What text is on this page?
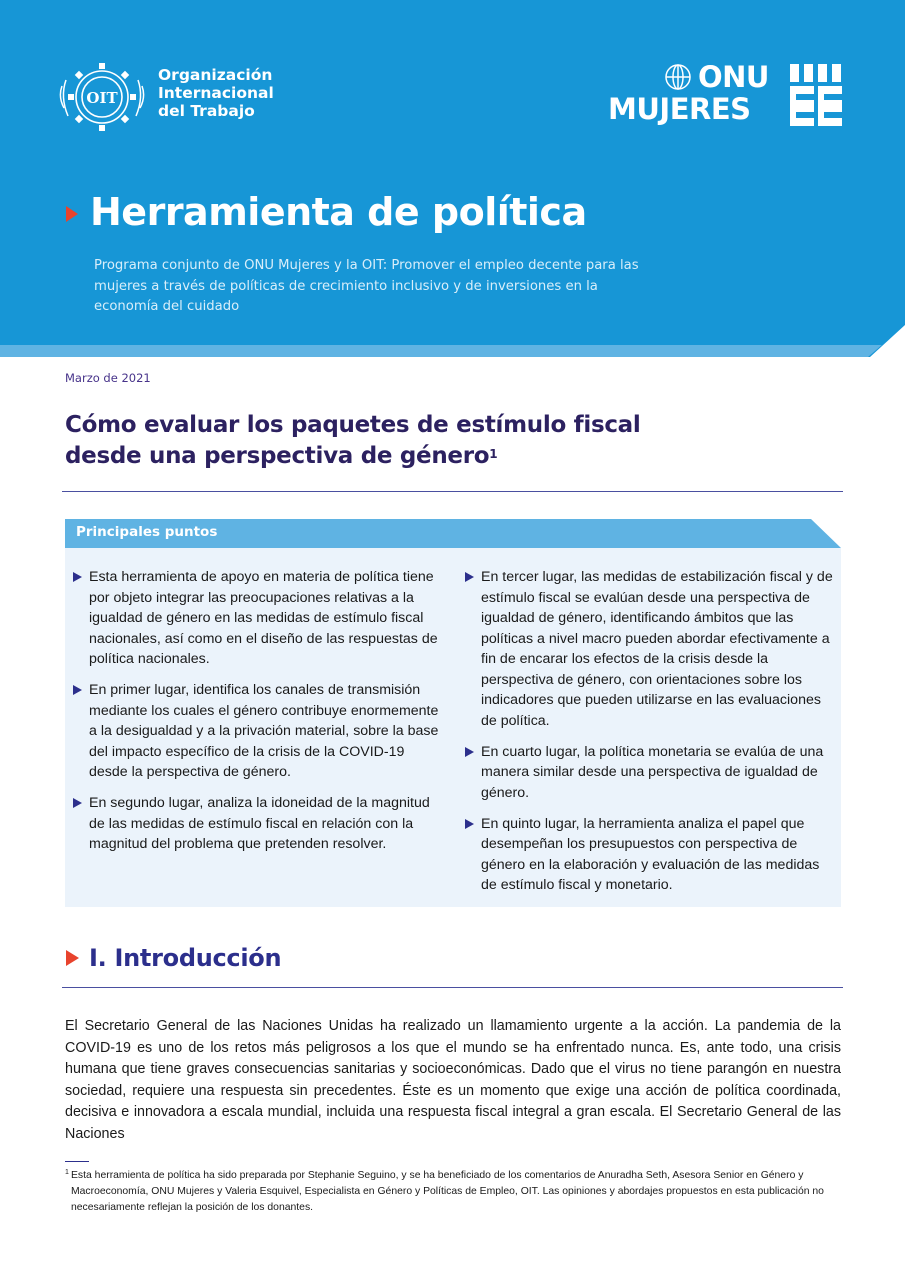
OIT
Organización
Internacional
del Trabajo
ONU
MUJERES
Herramienta de política

Programa conjunto de ONU Mujeres y la OIT: Promover el empleo decente para las mujeres a través de políticas de crecimiento inclusivo y de inversiones en la economía del cuidado

Marzo de 2021
Cómo evaluar los paquetes de estímulo fiscal desde una perspectiva de género$^1$
Principales puntos
Esta herramienta de apoyo en materia de política tiene por objeto integrar las preocupaciones relativas a la igualdad de género en las medidas de estímulo fiscal nacionales, así como en el diseño de las respuestas de política nacionales.
En primer lugar, identifica los canales de transmisión mediante los cuales el género contribuye enormemente a la desigualdad y a la privación material, sobre la base del impacto específico de la crisis de la COVID-19 desde la perspectiva de género.
En segundo lugar, analiza la idoneidad de la magnitud de las medidas de estímulo fiscal en relación con la magnitud del problema que pretenden resolver.
En tercer lugar, las medidas de estabilización fiscal y de estímulo fiscal se evalúan desde una perspectiva de igualdad de género, identificando ámbitos que las políticas a nivel macro pueden abordar efectivamente a fin de encarar los efectos de la crisis desde la perspectiva de género, con orientaciones sobre los indicadores que pueden utilizarse en las evaluaciones de política.
En cuarto lugar, la política monetaria se evalúa de una manera similar desde una perspectiva de igualdad de género.
En quinto lugar, la herramienta analiza el papel que desempeñan los presupuestos con perspectiva de género en la elaboración y evaluación de las medidas de estímulo fiscal y monetario.
I. Introducción

El Secretario General de las Naciones Unidas ha realizado un llamamiento urgente a la acción. La pandemia de la COVID-19 es uno de los retos más peligrosos a los que el mundo se ha enfrentado nunca. Es, ante todo, una crisis humana que tiene graves consecuencias sanitarias y socioeconómicas. Dado que el virus no tiene parangón en nuestra sociedad, requiere una respuesta sin precedentes. Éste es un momento que exige una acción de política coordinada, decisiva e innovadora a escala mundial, incluida una respuesta fiscal integral a gran escala. El Secretario General de las Naciones

1 Esta herramienta de política ha sido preparada por Stephanie Seguino, y se ha beneficiado de los comentarios de Anuradha Seth, Asesora Senior en Género y Macroeconomía, ONU Mujeres y Valeria Esquivel, Especialista en Género y Políticas de Empleo, OIT. Las opiniones y abordajes propuestos en esta publicación no necesariamente reflejan la posición de los donantes.
